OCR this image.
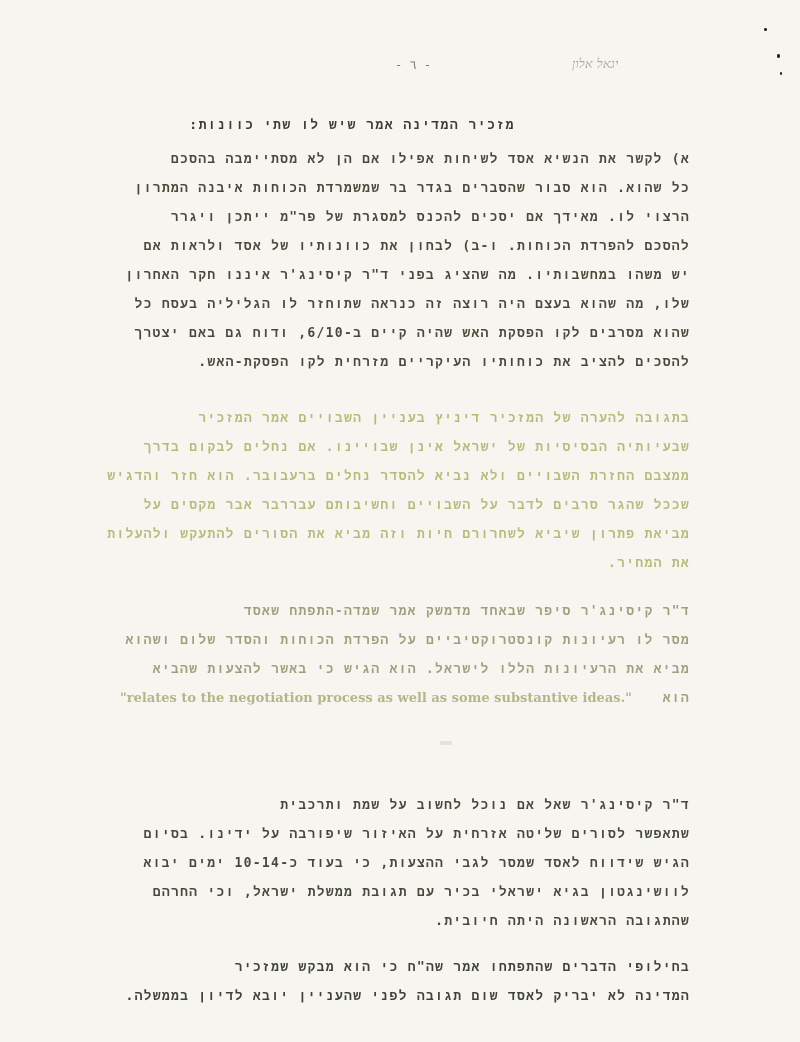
- ٦ -	יגאל אלון
מזכיר המדינה אמר שיש לו שתי כוונות:
א) לקשר את הנשיא אסד לשיחות אפילו אם הן לא מסתיימבה בהסכם
כל שהוא. הוא סבור שהסברים בגדר בר שמשמרדת הכוחות איבנה המתרון
הרצוי לו. מאידך אם יסכים להכנס למסגרת של פר"מ ייתכן ויגרר
להסכם להפרדת הכוחות. ו-ב) לבחון את כוונותיו של אסד ולראות אם
יש משהו במחשבותיו. מה שהציג בפני ד"ר קיסינג'ר איננו חקר האחרון
שלו, מה שהוא בעצם היה רוצה זה כנראה שתוחזר לו הגליליה בעסח כל
שהוא מסרבים לקו הפסקת האש שהיה קיים ב-6/10, ודוח גם באם יצטרך
להסכים להציב את כוחותיו העיקריים מזרחית לקו הפסקת-האש.
בתגובה להערה של המזכיר דיניץ בעניין השבויים אמר המזכיר
שבעיותיה הבסיסיות של ישראל אינן שבויינו. אם נחלים לבקום בדרך
ממצבם החזרת השבויים ולא נביא להסדר נחלים ברעבובר. הוא חזר והדגיש
שככל שהגר סרבים לדבר על השבויים וחשיבותם עבררבר אבר מקסים על
מביאת פתרון שיביא לשחרורם חיות וזה מביא את הסורים להתעקש ולהעלות
את המחיר.
ד"ר קיסינג'ר סיפר שבאחד מדמשק אמר שמדה-התפתח שאסד
מסר לו רעיונות קונסטרוקטיביים על הפרדת הכוחות והסדר שלום ושהוא
מביא את הרעיונות הללו לישראל. הוא הגיש כי באשר להצעות שהביא
הוא
"relates to the negotiation process as well as some substantive ideas."
ד"ר קיסינג'ר שאל אם נוכל לחשוב על שמת ותרכבית
שתאפשר לסורים שליטה אזרחית על האיזור שיפורבה על ידינו. בסיום
הגיש שידווח לאסד שמסר לגבי ההצעות, כי בעוד כ-10-14 ימים יבוא
לוושינגטון בגיא ישראלי בכיר עם תגובת ממשלת ישראל, וכי החרהם
שהתגובה הראשונה היתה חיובית.
בחילופי הדברים שהתפתחו אמר שה"ח כי הוא מבקש שמזכיר
המדינה לא יבריק לאסד שום תגובה לפני שהעניין יובא לדיון בממשלה.
